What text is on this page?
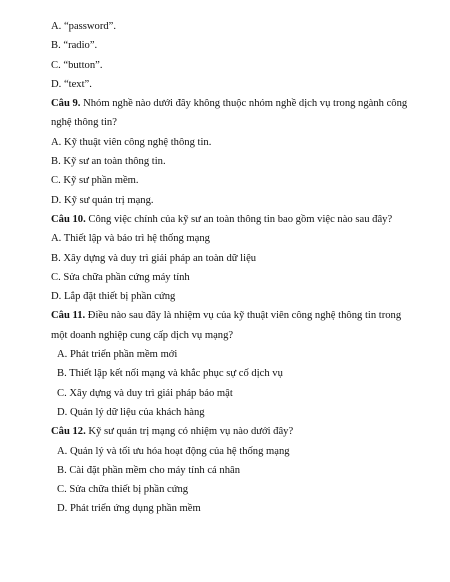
A. “password”.
B. “radio”.
C. “button”.
D. “text”.
Câu 9. Nhóm nghề nào dưới đây không thuộc nhóm nghề dịch vụ trong ngành công nghệ thông tin?
A. Kỹ thuật viên công nghệ thông tin.
B. Kỹ sư an toàn thông tin.
C. Kỹ sư phần mềm.
D. Kỹ sư quản trị mạng.
Câu 10. Công việc chính của kỹ sư an toàn thông tin bao gồm việc nào sau đây?
A. Thiết lập và bảo trì hệ thống mạng
B. Xây dựng và duy trì giải pháp an toàn dữ liệu
C. Sửa chữa phần cứng máy tính
D. Lắp đặt thiết bị phần cứng
Câu 11. Điều nào sau đây là nhiệm vụ của kỹ thuật viên công nghệ thông tin trong một doanh nghiệp cung cấp dịch vụ mạng?
A. Phát triển phần mềm mới
B. Thiết lập kết nối mạng và khắc phục sự cố dịch vụ
C. Xây dựng và duy trì giải pháp bảo mật
D. Quản lý dữ liệu của khách hàng
Câu 12. Kỹ sư quản trị mạng có nhiệm vụ nào dưới đây?
A. Quản lý và tối ưu hóa hoạt động của hệ thống mạng
B. Cài đặt phần mềm cho máy tính cá nhân
C. Sửa chữa thiết bị phần cứng
D. Phát triển ứng dụng phần mềm
